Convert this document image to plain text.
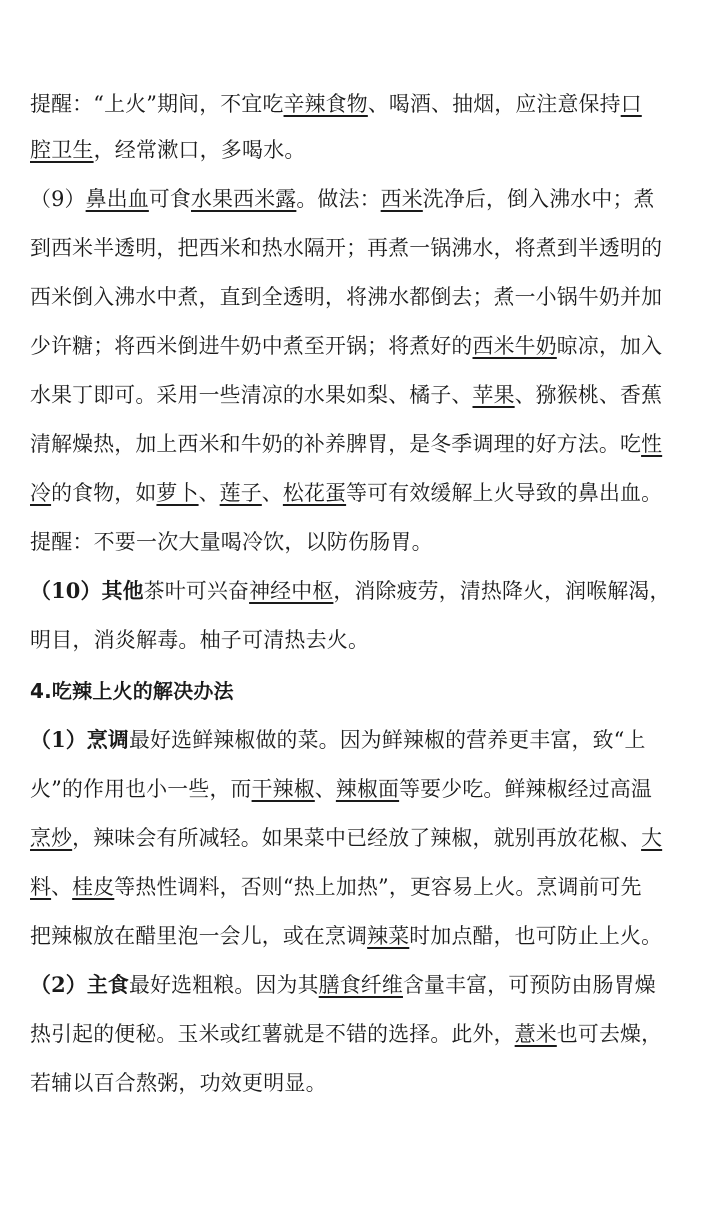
提醒：“上火”期间，不宜吃辛辣食物、喝酒、抽烟，应注意保持口
腔卫生，经常漱口，多喝水。
（9）鼻出血可食水果西米露。做法：西米洗净后，倒入沸水中；煮
到西米半透明，把西米和热水隔开；再煮一锅沸水，将煮到半透明的
西米倒入沸水中煮，直到全透明，将沸水都倒去；煮一小锅牛奶并加
少许糖；将西米倒进牛奶中煮至开锅；将煮好的西米牛奶晾凉，加入
水果丁即可。采用一些清凉的水果如梨、橘子、苹果、猕猴桃、香蕉
清解燥热，加上西米和牛奶的补养脾胃，是冬季调理的好方法。吃性
冷的食物，如萝卜、莲子、松花蛋等可有效缓解上火导致的鼻出血。
提醒：不要一次大量喝冷饮，以防伤肠胃。
（10）其他茶叶可兴奋神经中枢，消除疲劳，清热降火，润喉解渴，
明目，消炎解毒。柚子可清热去火。
4.吃辣上火的解决办法
（1）烹调最好选鲜辣椒做的菜。因为鲜辣椒的营养更丰富，致“上
火”的作用也小一些，而干辣椒、辣椒面等要少吃。鲜辣椒经过高温
烹炒，辣味会有所减轻。如果菜中已经放了辣椒，就别再放花椒、大
料、桂皮等热性调料，否则“热上加热”，更容易上火。烹调前可先
把辣椒放在醋里泡一会儿，或在烹调辣菜时加点醋，也可防止上火。
（2）主食最好选粗粮。因为其膳食纤维含量丰富，可预防由肠胃燥
热引起的便秘。玉米或红薯就是不错的选择。此外，薏米也可去燥，
若辅以百合熬粥，功效更明显。
